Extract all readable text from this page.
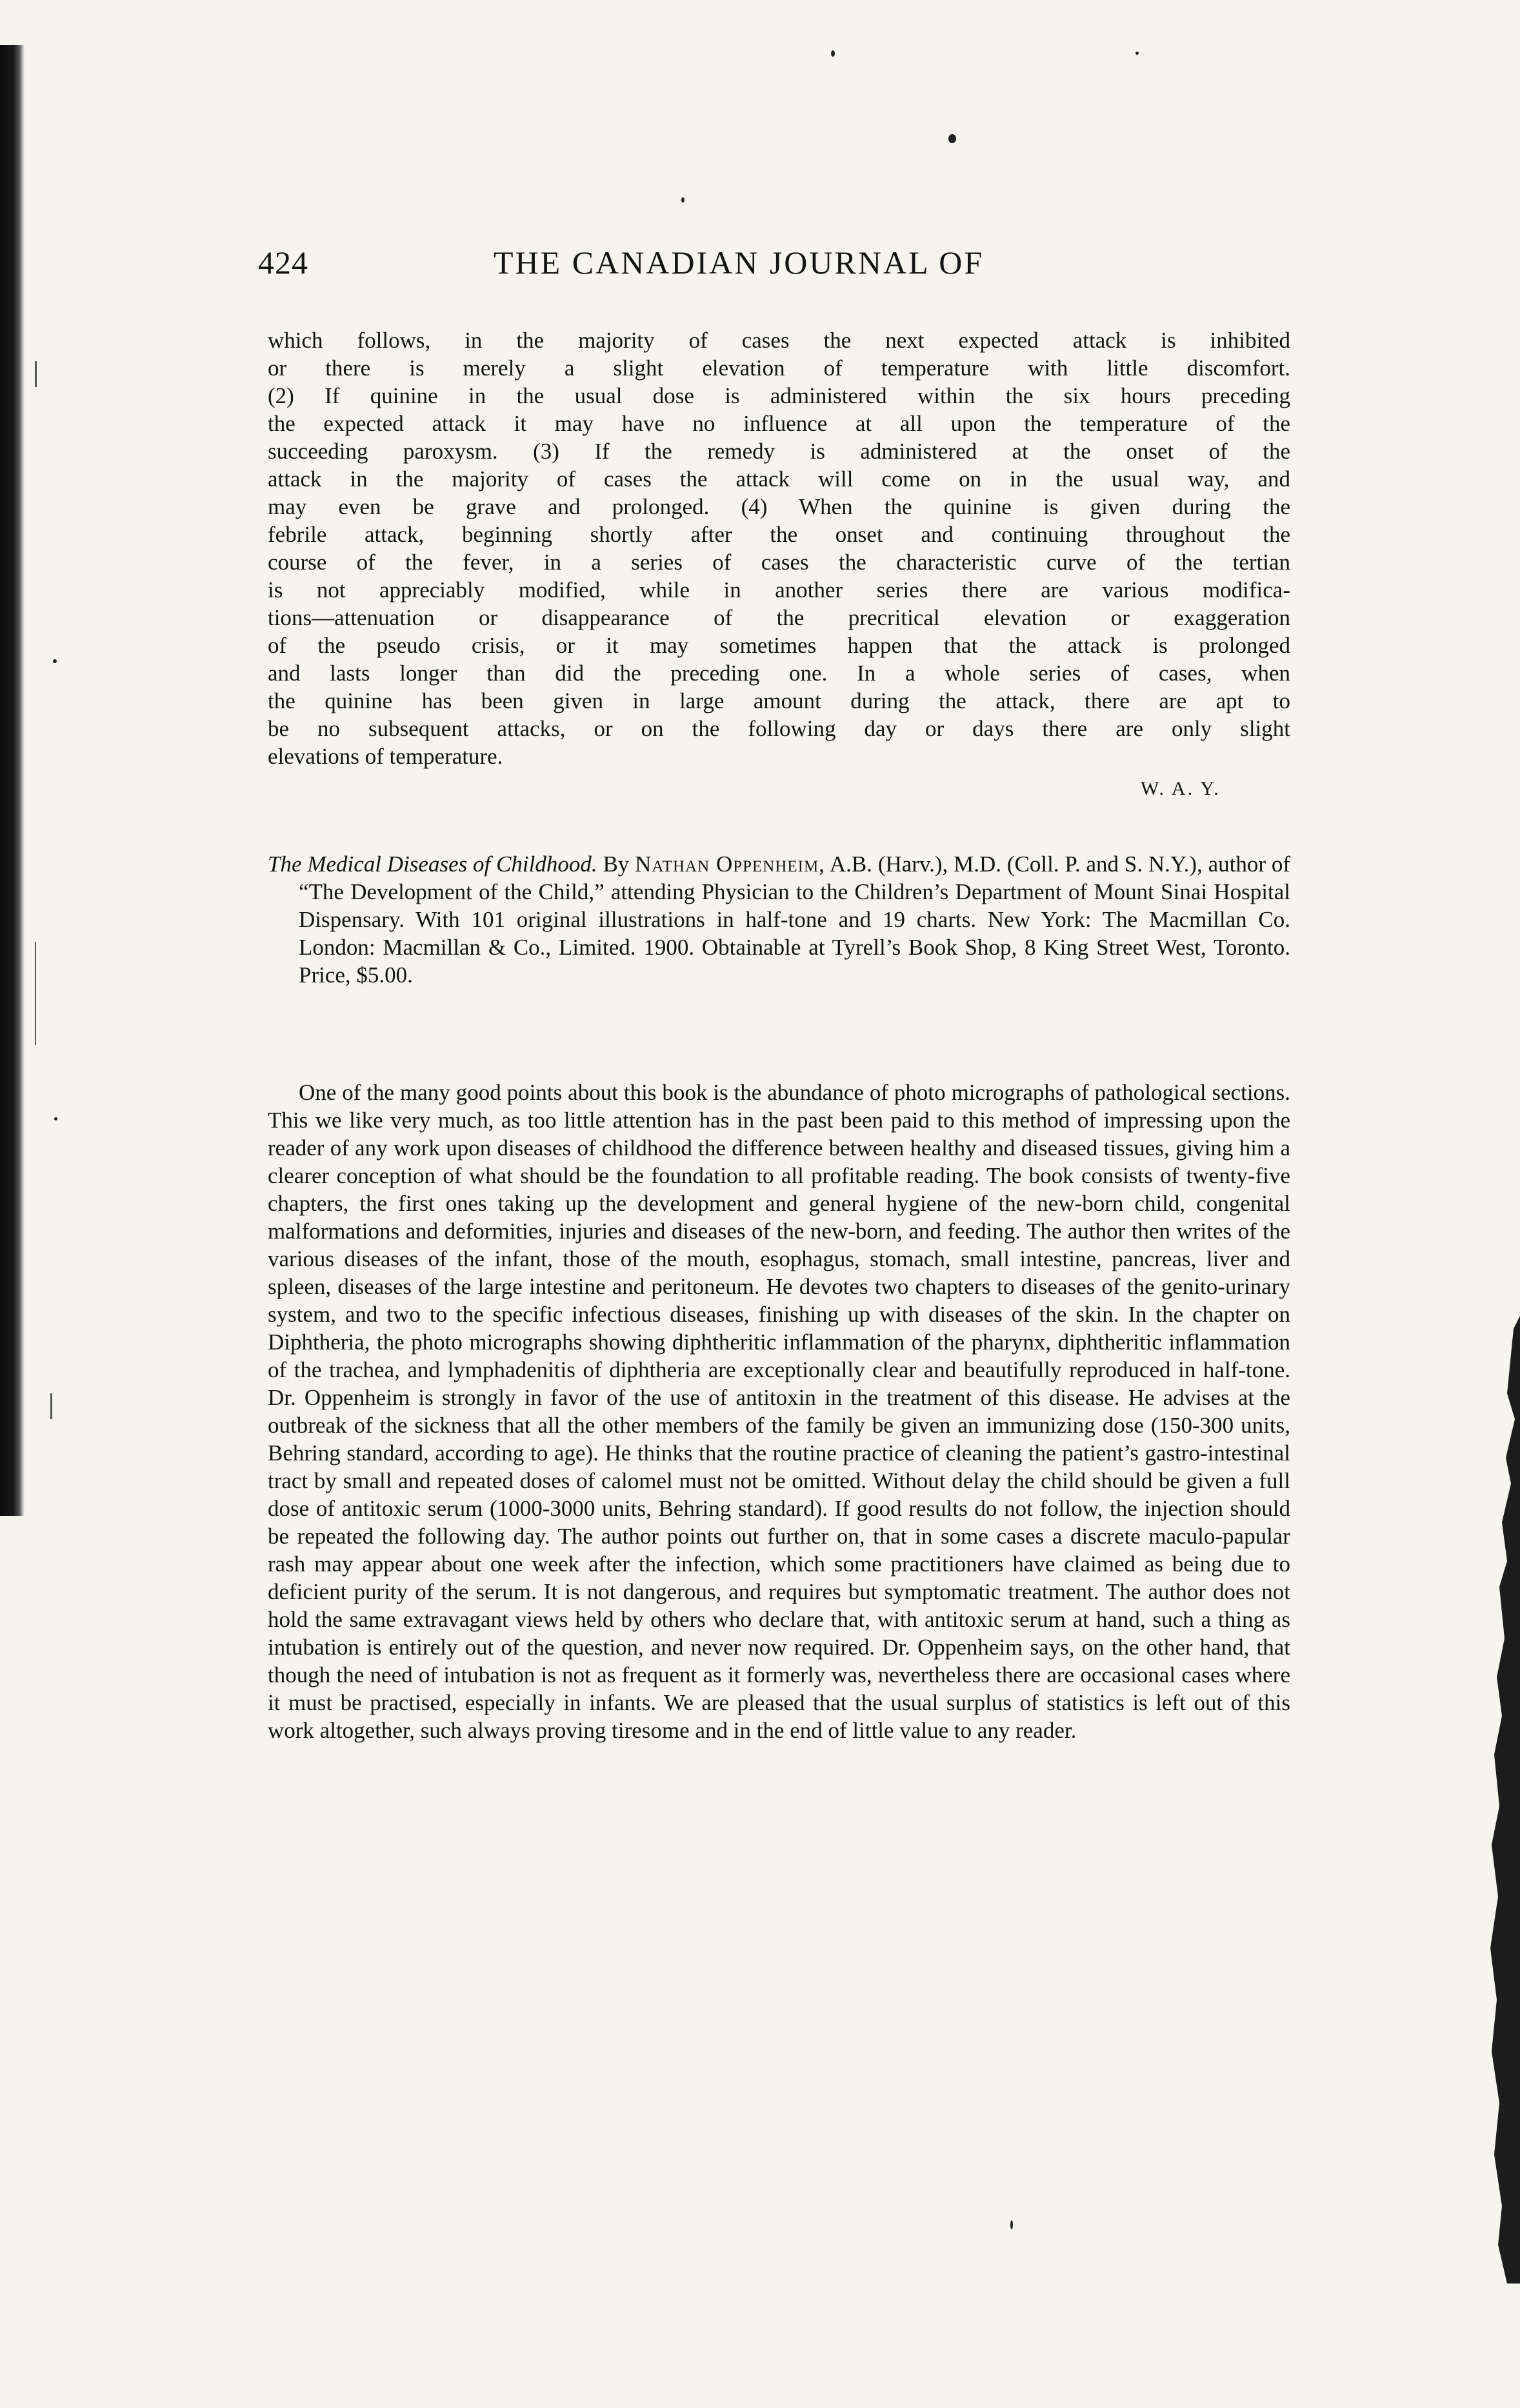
424	THE CANADIAN JOURNAL OF

which follows, in the majority of cases the next expected attack is inhibited

or there is merely a slight elevation of temperature with little discomfort.

(2) If quinine in the usual dose is administered within the six hours preceding

the expected attack it may have no influence at all upon the temperature of the

succeeding paroxysm. (3) If the remedy is administered at the onset of the

attack in the majority of cases the attack will come on in the usual way, and

may even be grave and prolonged. (4) When the quinine is given during the

febrile attack, beginning shortly after the onset and continuing throughout the

course of the fever, in a series of cases the characteristic curve of the tertian

is not appreciably modified, while in another series there are various modifica-

tions—attenuation or disappearance of the precritical elevation or exaggeration

of the pseudo crisis, or it may sometimes happen that the attack is prolonged

and lasts longer than did the preceding one. In a whole series of cases, when

the quinine has been given in large amount during the attack, there are apt to

be no subsequent attacks, or on the following day or days there are only slight

elevations of temperature.

W. A. Y.
The Medical Diseases of Childhood. By Nathan Oppenheim, A.B. (Harv.), M.D. (Coll. P. and S. N.Y.), author of “The Development of the Child,” attending Physician to the Children’s Department of Mount Sinai Hospital Dispensary. With 101 original illustrations in half-tone and 19 charts. New York: The Macmillan Co. London: Macmillan & Co., Limited. 1900. Obtainable at Tyrell’s Book Shop, 8 King Street West, Toronto. Price, $5.00.

One of the many good points about this book is the abundance of photo micrographs of pathological sections. This we like very much, as too little attention has in the past been paid to this method of impressing upon the reader of any work upon diseases of childhood the difference between healthy and diseased tissues, giving him a clearer conception of what should be the foundation to all profitable reading. The book consists of twenty-five chapters, the first ones taking up the development and general hygiene of the new-born child, congenital malformations and deformities, injuries and diseases of the new-born, and feeding. The author then writes of the various diseases of the infant, those of the mouth, esophagus, stomach, small intestine, pancreas, liver and spleen, diseases of the large intestine and peritoneum. He devotes two chapters to diseases of the genito-urinary system, and two to the specific infectious diseases, finishing up with diseases of the skin. In the chapter on Diphtheria, the photo micrographs showing diphtheritic inflammation of the pharynx, diphtheritic inflammation of the trachea, and lymphadenitis of diphtheria are exceptionally clear and beautifully reproduced in half-tone. Dr. Oppenheim is strongly in favor of the use of antitoxin in the treatment of this disease. He advises at the outbreak of the sickness that all the other members of the family be given an immunizing dose (150-300 units, Behring standard, according to age). He thinks that the routine practice of cleaning the patient’s gastro-intestinal tract by small and repeated doses of calomel must not be omitted. Without delay the child should be given a full dose of antitoxic serum (1000-3000 units, Behring standard). If good results do not follow, the injection should be repeated the following day. The author points out further on, that in some cases a discrete maculo-papular rash may appear about one week after the infection, which some practitioners have claimed as being due to deficient purity of the serum. It is not dangerous, and requires but symptomatic treatment. The author does not hold the same extravagant views held by others who declare that, with antitoxic serum at hand, such a thing as intubation is entirely out of the question, and never now required. Dr. Oppenheim says, on the other hand, that though the need of intubation is not as frequent as it formerly was, nevertheless there are occasional cases where it must be practised, especially in infants. We are pleased that the usual surplus of statistics is left out of this work altogether, such always proving tiresome and in the end of little value to any reader.
